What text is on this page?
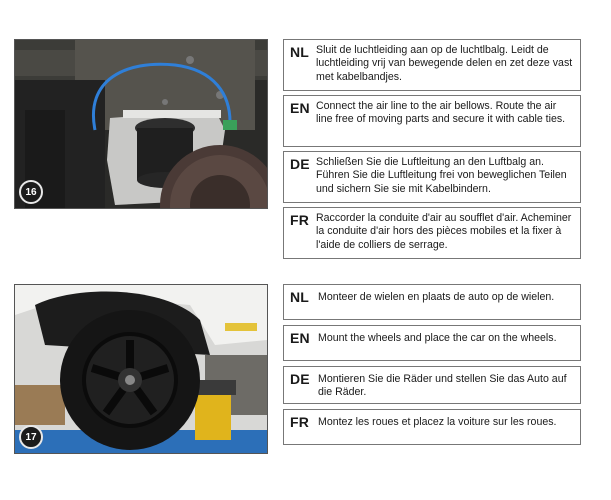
16
NL Sluit de luchtleiding aan op de luchtlbalg. Leidt de luchtleiding vrij van bewegende delen en zet deze vast met kabelbandjes.
EN Connect the air line to the air bellows. Route the air line free of moving parts and secure it with cable ties.
DE Schließen Sie die Luftleitung an den Luftbalg an. Führen Sie die Luftleitung frei von beweglichen Teilen und sichern Sie sie mit Kabelbindern.
FR Raccorder la conduite d'air au soufflet d'air. Acheminer la conduite d'air hors des pièces mobiles et la fixer à l'aide de colliers de serrage.
17
NL Monteer de wielen en plaats de auto op de wielen.
EN Mount the wheels and place the car on the wheels.
DE Montieren Sie die Räder und stellen Sie das Auto auf die Räder.
FR Montez les roues et placez la voiture sur les roues.
